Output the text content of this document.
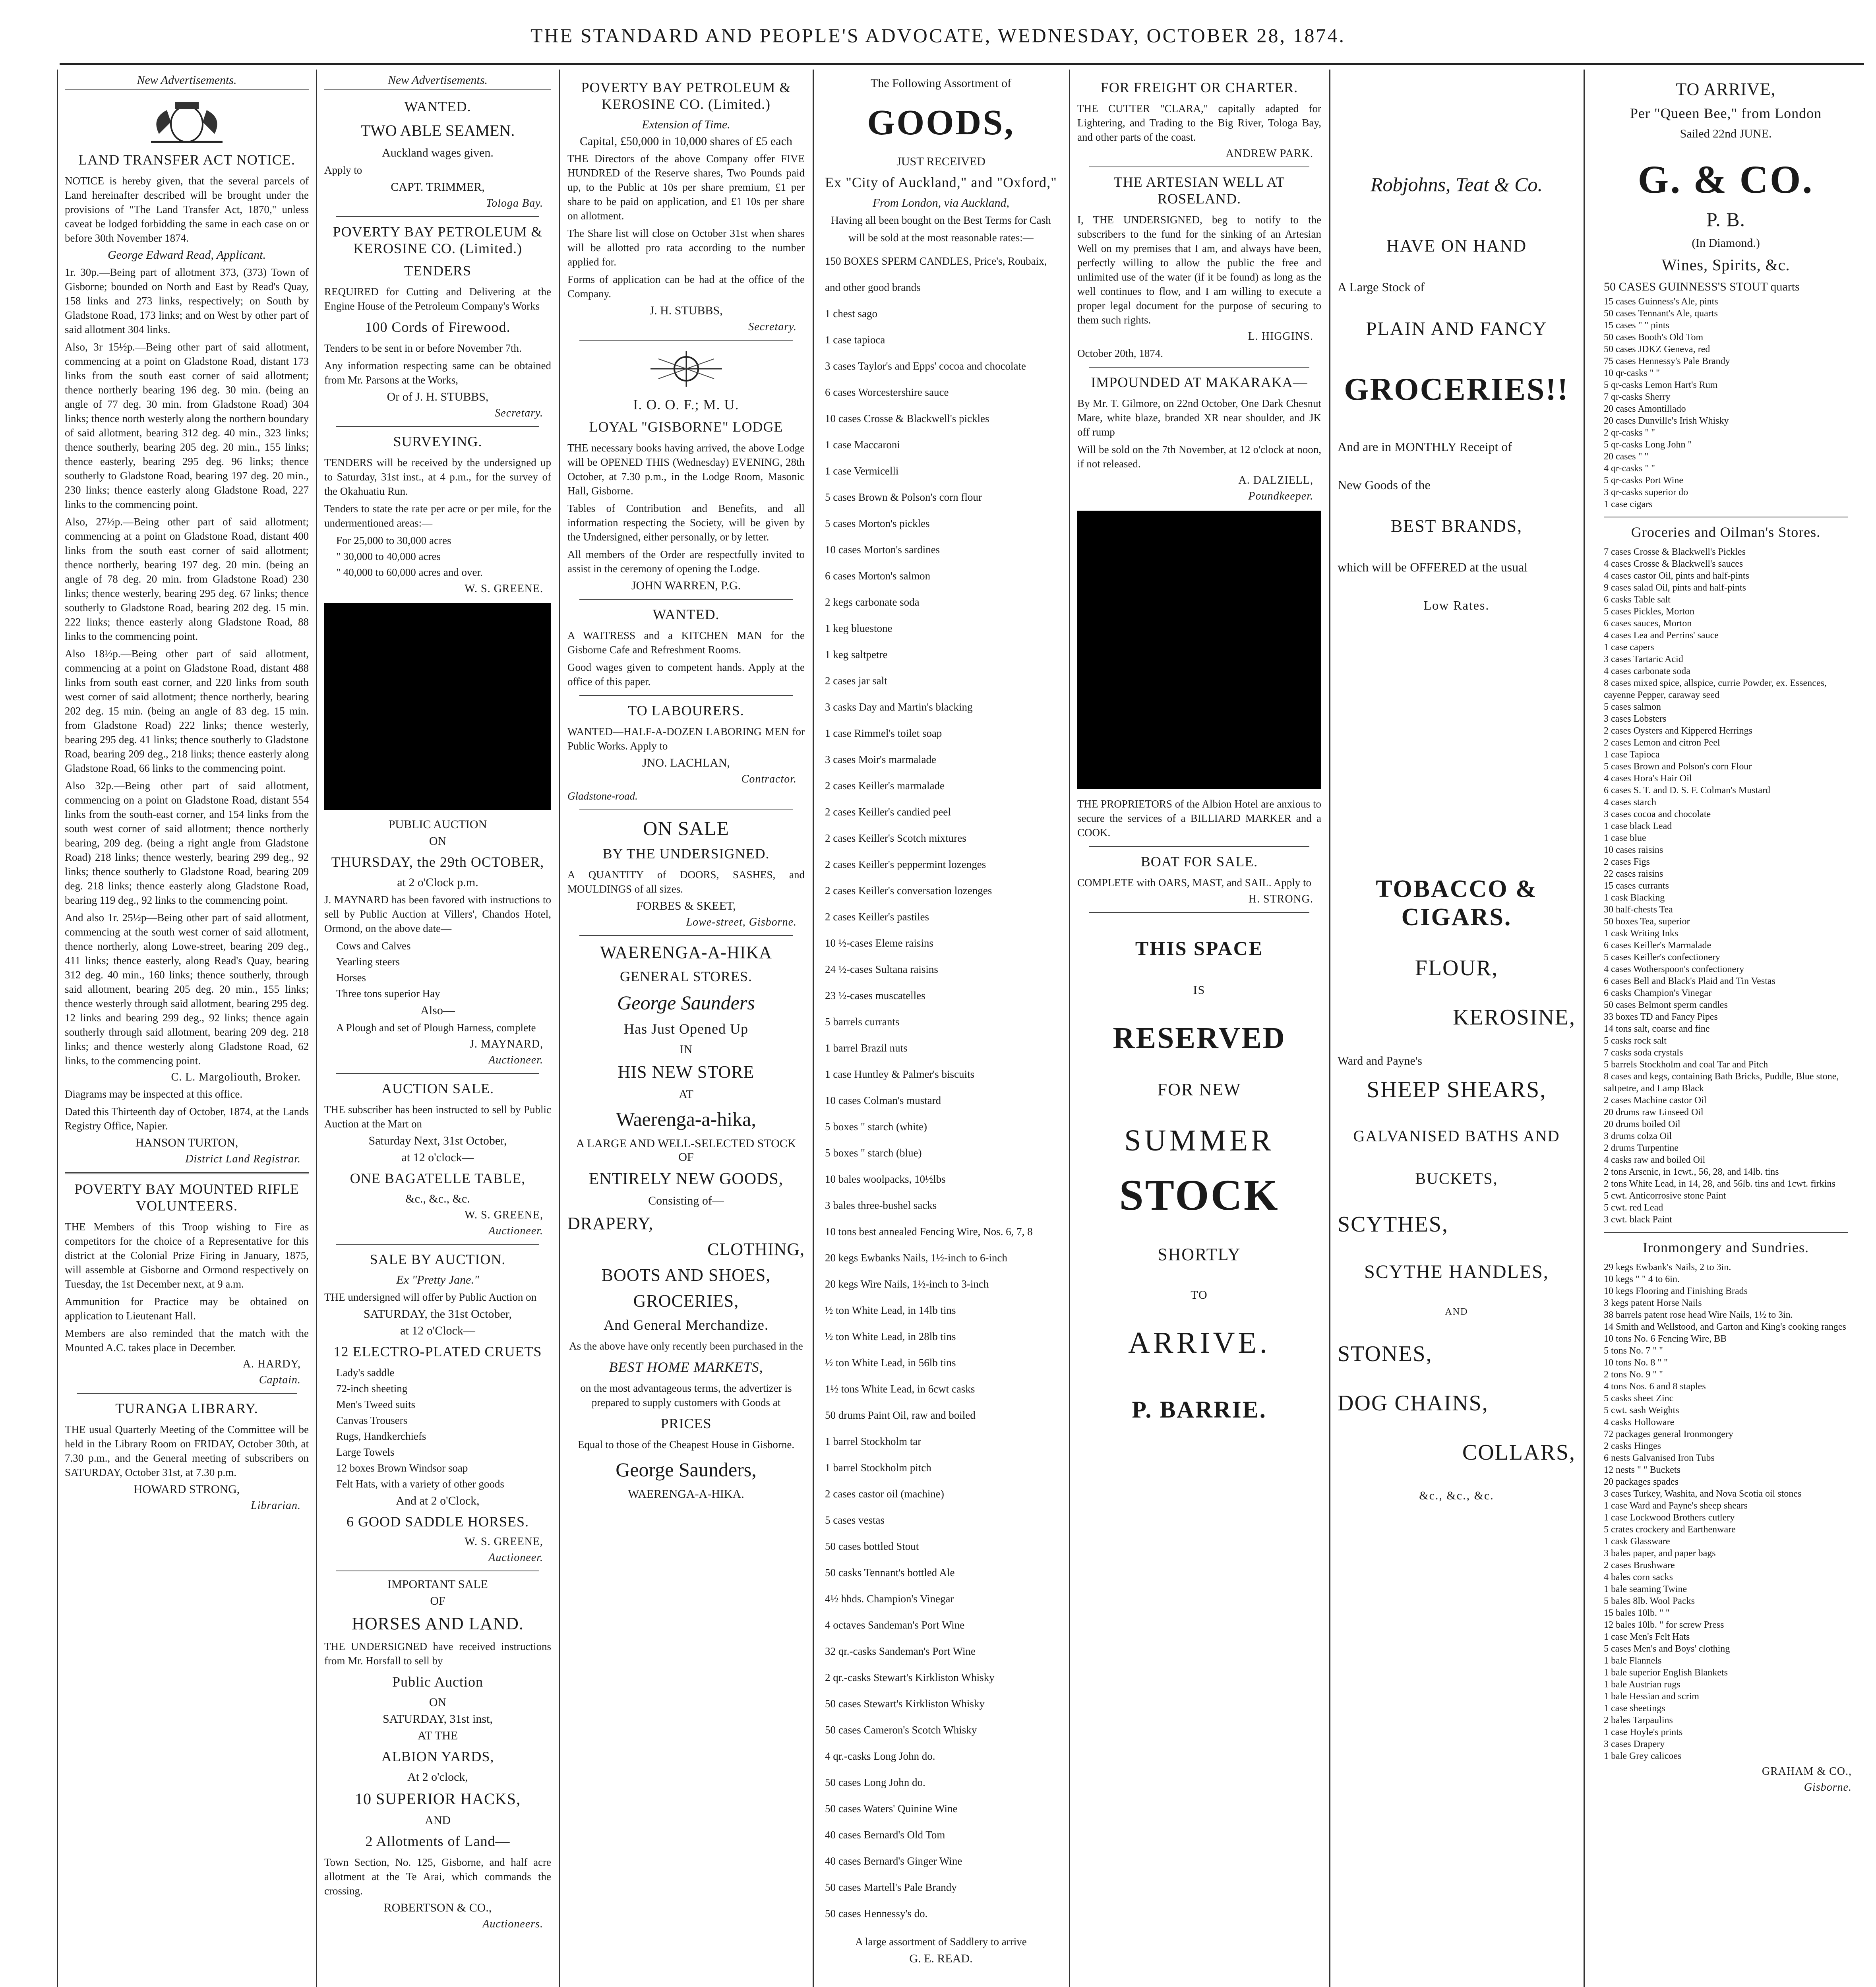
THE STANDARD AND PEOPLE'S ADVOCATE, WEDNESDAY, OCTOBER 28, 1874.
New Advertisements.
LAND TRANSFER ACT NOTICE.
NOTICE is hereby given, that the several parcels of Land hereinafter described will be brought under the provisions of "The Land Transfer Act, 1870," unless caveat be lodged forbidding the same in each case on or before 30th November 1874.
George Edward Read, Applicant.
1r. 30p.—Being part of allotment 373, (373) Town of Gisborne; bounded on North and East by Read's Quay, 158 links and 273 links, respectively; on South by Gladstone Road, 173 links; and on West by other part of said allotment 304 links.
Also, 3r 15½p.—Being other part of said allotment, commencing at a point on Gladstone Road, distant 173 links from the south east corner of said allotment; thence northerly bearing 196 deg. 30 min. (being an angle of 77 deg. 30 min. from Gladstone Road) 304 links; thence north westerly along the northern boundary of said allotment, bearing 312 deg. 40 min., 323 links; thence southerly, bearing 205 deg. 20 min., 155 links; thence easterly, bearing 295 deg. 96 links; thence southerly to Gladstone Road, bearing 197 deg. 20 min., 230 links; thence easterly along Gladstone Road, 227 links to the commencing point.
Also, 27½p.—Being other part of said allotment; commencing at a point on Gladstone Road, distant 400 links from the south east corner of said allotment; thence northerly, bearing 197 deg. 20 min. (being an angle of 78 deg. 20 min. from Gladstone Road) 230 links; thence westerly, bearing 295 deg. 67 links; thence southerly to Gladstone Road, bearing 202 deg. 15 min. 222 links; thence easterly along Gladstone Road, 88 links to the commencing point.
Also 18½p.—Being other part of said allotment, commencing at a point on Gladstone Road, distant 488 links from south east corner, and 220 links from south west corner of said allotment; thence northerly, bearing 202 deg. 15 min. (being an angle of 83 deg. 15 min. from Gladstone Road) 222 links; thence westerly, bearing 295 deg. 41 links; thence southerly to Gladstone Road, bearing 209 deg., 218 links; thence easterly along Gladstone Road, 66 links to the commencing point.
Also 32p.—Being other part of said allotment, commencing on a point on Gladstone Road, distant 554 links from the south-east corner, and 154 links from the south west corner of said allotment; thence northerly bearing, 209 deg. (being a right angle from Gladstone Road) 218 links; thence westerly, bearing 299 deg., 92 links; thence southerly to Gladstone Road, bearing 209 deg. 218 links; thence easterly along Gladstone Road, bearing 119 deg., 92 links to the commencing point.
And also 1r. 25½p—Being other part of said allotment, commencing at the south west corner of said allotment, thence northerly, along Lowe-street, bearing 209 deg., 411 links; thence easterly, along Read's Quay, bearing 312 deg. 40 min., 160 links; thence southerly, through said allotment, bearing 205 deg. 20 min., 155 links; thence westerly through said allotment, bearing 295 deg. 12 links and bearing 299 deg., 92 links; thence again southerly through said allotment, bearing 209 deg. 218 links; and thence westerly along Gladstone Road, 62 links, to the commencing point.
C. L. Margoliouth, Broker.
Diagrams may be inspected at this office.
Dated this Thirteenth day of October, 1874, at the Lands Registry Office, Napier.
HANSON TURTON,
District Land Registrar.
POVERTY BAY MOUNTED RIFLE VOLUNTEERS.
THE Members of this Troop wishing to Fire as competitors for the choice of a Representative for this district at the Colonial Prize Firing in January, 1875, will assemble at Gisborne and Ormond respectively on Tuesday, the 1st December next, at 9 a.m.
Ammunition for Practice may be obtained on application to Lieutenant Hall.
Members are also reminded that the match with the Mounted A.C. takes place in December.
A. HARDY,
Captain.
TURANGA LIBRARY.
THE usual Quarterly Meeting of the Committee will be held in the Library Room on FRIDAY, October 30th, at 7.30 p.m., and the General meeting of subscribers on SATURDAY, October 31st, at 7.30 p.m.
HOWARD STRONG,
Librarian.
New Advertisements.
WANTED.
TWO ABLE SEAMEN.
Auckland wages given.
Apply to
CAPT. TRIMMER,
Tologa Bay.
POVERTY BAY PETROLEUM & KEROSINE CO. (Limited.)
TENDERS
REQUIRED for Cutting and Delivering at the Engine House of the Petroleum Company's Works
100 Cords of Firewood.
Tenders to be sent in or before November 7th.
Any information respecting same can be obtained from Mr. Parsons at the Works,
Or of J. H. STUBBS,
Secretary.
SURVEYING.
TENDERS will be received by the undersigned up to Saturday, 31st inst., at 4 p.m., for the survey of the Okahuatiu Run.
Tenders to state the rate per acre or per mile, for the undermentioned areas:—
For 25,000 to 30,000 acres
" 30,000 to 40,000 acres
" 40,000 to 60,000 acres and over.
W. S. GREENE.
PUBLIC AUCTION
ON
THURSDAY, the 29th OCTOBER,
at 2 o'Clock p.m.
J. MAYNARD has been favored with instructions to sell by Public Auction at Villers', Chandos Hotel, Ormond, on the above date—
Cows and Calves
Yearling steers
Horses
Three tons superior Hay
Also—
A Plough and set of Plough Harness, complete
J. MAYNARD,
Auctioneer.
AUCTION SALE.
THE subscriber has been instructed to sell by Public Auction at the Mart on
Saturday Next, 31st October,
at 12 o'clock—
ONE BAGATELLE TABLE,
&c., &c., &c.
W. S. GREENE,
Auctioneer.
SALE BY AUCTION.
Ex "Pretty Jane."
THE undersigned will offer by Public Auction on
SATURDAY, the 31st October,
at 12 o'Clock—
12 ELECTRO-PLATED CRUETS
Lady's saddle
72-inch sheeting
Men's Tweed suits
Canvas Trousers
Rugs, Handkerchiefs
Large Towels
12 boxes Brown Windsor soap
Felt Hats, with a variety of other goods
And at 2 o'Clock,
6 GOOD SADDLE HORSES.
W. S. GREENE,
Auctioneer.
IMPORTANT SALE
OF
HORSES AND LAND.
THE UNDERSIGNED have received instructions from Mr. Horsfall to sell by
Public Auction
ON
SATURDAY, 31st inst,
AT THE
ALBION YARDS,
At 2 o'clock,
10 SUPERIOR HACKS,
AND
2 Allotments of Land—
Town Section, No. 125, Gisborne, and half acre allotment at the Te Arai, which commands the crossing.
ROBERTSON & CO.,
Auctioneers.
POVERTY BAY PETROLEUM & KEROSINE CO. (Limited.)
Extension of Time.
Capital, £50,000 in 10,000 shares of £5 each
THE Directors of the above Company offer FIVE HUNDRED of the Reserve shares, Two Pounds paid up, to the Public at 10s per share premium, £1 per share to be paid on application, and £1 10s per share on allotment.
The Share list will close on October 31st when shares will be allotted pro rata according to the number applied for.
Forms of application can be had at the office of the Company.
J. H. STUBBS,
Secretary.
I. O. O. F.; M. U.
LOYAL "GISBORNE" LODGE
THE necessary books having arrived, the above Lodge will be OPENED THIS (Wednesday) EVENING, 28th October, at 7.30 p.m., in the Lodge Room, Masonic Hall, Gisborne.
Tables of Contribution and Benefits, and all information respecting the Society, will be given by the Undersigned, either personally, or by letter.
All members of the Order are respectfully invited to assist in the ceremony of opening the Lodge.
JOHN WARREN, P.G.
WANTED.
A WAITRESS and a KITCHEN MAN for the Gisborne Cafe and Refreshment Rooms.
Good wages given to competent hands. Apply at the office of this paper.
TO LABOURERS.
WANTED—HALF-A-DOZEN LABORING MEN for Public Works. Apply to
JNO. LACHLAN,
Contractor.
Gladstone-road.
ON SALE
BY THE UNDERSIGNED.
A QUANTITY of DOORS, SASHES, and MOULDINGS of all sizes.
FORBES & SKEET,
Lowe-street, Gisborne.
WAERENGA-A-HIKA
GENERAL STORES.
George Saunders
Has Just Opened Up
IN
HIS NEW STORE
AT
Waerenga-a-hika,
A LARGE AND WELL-SELECTED STOCK OF
ENTIRELY NEW GOODS,
Consisting of—
DRAPERY,
CLOTHING,
BOOTS AND SHOES,
GROCERIES,
And General Merchandize.
As the above have only recently been purchased in the
BEST HOME MARKETS,
on the most advantageous terms, the advertizer is prepared to supply customers with Goods at
PRICES
Equal to those of the Cheapest House in Gisborne.
George Saunders,
WAERENGA-A-HIKA.
The Following Assortment of
GOODS,
JUST RECEIVED
Ex "City of Auckland," and "Oxford,"
From London, via Auckland,
Having all been bought on the Best Terms for Cash
will be sold at the most reasonable rates:—
150 BOXES SPERM CANDLES, Price's, Roubaix, and other good brands
1 chest sago
1 case tapioca
3 cases Taylor's and Epps' cocoa and chocolate
6 cases Worcestershire sauce
10 cases Crosse & Blackwell's pickles
1 case Maccaroni
1 case Vermicelli
5 cases Brown & Polson's corn flour
5 cases Morton's pickles
10 cases Morton's sardines
6 cases Morton's salmon
2 kegs carbonate soda
1 keg bluestone
1 keg saltpetre
2 cases jar salt
3 casks Day and Martin's blacking
1 case Rimmel's toilet soap
3 cases Moir's marmalade
2 cases Keiller's marmalade
2 cases Keiller's candied peel
2 cases Keiller's Scotch mixtures
2 cases Keiller's peppermint lozenges
2 cases Keiller's conversation lozenges
2 cases Keiller's pastiles
10 ½-cases Eleme raisins
24 ½-cases Sultana raisins
23 ½-cases muscatelles
5 barrels currants
1 barrel Brazil nuts
1 case Huntley & Palmer's biscuits
10 cases Colman's mustard
5 boxes " starch (white)
5 boxes " starch (blue)
10 bales woolpacks, 10½lbs
3 bales three-bushel sacks
10 tons best annealed Fencing Wire, Nos. 6, 7, 8
20 kegs Ewbanks Nails, 1½-inch to 6-inch
20 kegs Wire Nails, 1½-inch to 3-inch
½ ton White Lead, in 14lb tins
½ ton White Lead, in 28lb tins
½ ton White Lead, in 56lb tins
1½ tons White Lead, in 6cwt casks
50 drums Paint Oil, raw and boiled
1 barrel Stockholm tar
1 barrel Stockholm pitch
2 cases castor oil (machine)
5 cases vestas
50 cases bottled Stout
50 casks Tennant's bottled Ale
4½ hhds. Champion's Vinegar
4 octaves Sandeman's Port Wine
32 qr.-casks Sandeman's Port Wine
2 qr.-casks Stewart's Kirkliston Whisky
50 cases Stewart's Kirkliston Whisky
50 cases Cameron's Scotch Whisky
4 qr.-casks Long John do.
50 cases Long John do.
50 cases Waters' Quinine Wine
40 cases Bernard's Old Tom
40 cases Bernard's Ginger Wine
50 cases Martell's Pale Brandy
50 cases Hennessy's do.
A large assortment of Saddlery to arrive
G. E. READ.
FOR FREIGHT OR CHARTER.
THE CUTTER "CLARA," capitally adapted for Lightering, and Trading to the Big River, Tologa Bay, and other parts of the coast.
ANDREW PARK.
THE ARTESIAN WELL AT ROSELAND.
I, THE UNDERSIGNED, beg to notify to the subscribers to the fund for the sinking of an Artesian Well on my premises that I am, and always have been, perfectly willing to allow the public the free and unlimited use of the water (if it be found) as long as the well continues to flow, and I am willing to execute a proper legal document for the purpose of securing to them such rights.
L. HIGGINS.
October 20th, 1874.
IMPOUNDED AT MAKARAKA—
By Mr. T. Gilmore, on 22nd October, One Dark Chesnut Mare, white blaze, branded XR near shoulder, and JK off rump
Will be sold on the 7th November, at 12 o'clock at noon, if not released.
A. DALZIELL,
Poundkeeper.
THE PROPRIETORS of the Albion Hotel are anxious to secure the services of a BILLIARD MARKER and a COOK.
BOAT FOR SALE.
COMPLETE with OARS, MAST, and SAIL. Apply to
H. STRONG.
THIS SPACE
IS
RESERVED
FOR NEW
SUMMER
STOCK
SHORTLY
TO
ARRIVE.
P. BARRIE.
Robjohns, Teat & Co.
HAVE ON HAND
A Large Stock of
PLAIN AND FANCY
GROCERIES!!
And are in MONTHLY Receipt of
New Goods of the
BEST BRANDS,
which will be OFFERED at the usual
Low Rates.
TOBACCO & CIGARS.
FLOUR,
KEROSINE,
Ward and Payne's
SHEEP SHEARS,
GALVANISED BATHS AND
BUCKETS,
SCYTHES,
SCYTHE HANDLES,
AND
STONES,
DOG CHAINS,
COLLARS,
&c., &c., &c.
TO ARRIVE,
Per "Queen Bee," from London
Sailed 22nd JUNE.
G. & CO.
P. B.
(In Diamond.)
Wines, Spirits, &c.
50 CASES GUINNESS'S STOUT quarts
15 cases Guinness's Ale, pints
50 cases Tennant's Ale, quarts
15 cases " " pints
50 cases Booth's Old Tom
50 cases JDKZ Geneva, red
75 cases Hennessy's Pale Brandy
10 qr-casks " "
5 qr-casks Lemon Hart's Rum
7 qr-casks Sherry
20 cases Amontillado
20 cases Dunville's Irish Whisky
2 qr-casks " "
5 qr-casks Long John "
20 cases " "
4 qr-casks " "
5 qr-casks Port Wine
3 qr-casks superior do
1 case cigars
Groceries and Oilman's Stores.
7 cases Crosse & Blackwell's Pickles
4 cases Crosse & Blackwell's sauces
4 cases castor Oil, pints and half-pints
9 cases salad Oil, pints and half-pints
6 casks Table salt
5 cases Pickles, Morton
6 cases sauces, Morton
4 cases Lea and Perrins' sauce
1 case capers
3 cases Tartaric Acid
4 cases carbonate soda
8 cases mixed spice, allspice, currie Powder, ex. Essences, cayenne Pepper, caraway seed
5 cases salmon
3 cases Lobsters
2 cases Oysters and Kippered Herrings
2 cases Lemon and citron Peel
1 case Tapioca
5 cases Brown and Polson's corn Flour
4 cases Hora's Hair Oil
6 cases S. T. and D. S. F. Colman's Mustard
4 cases starch
3 cases cocoa and chocolate
1 case black Lead
1 case blue
10 cases raisins
2 cases Figs
22 cases raisins
15 cases currants
1 cask Blacking
30 half-chests Tea
50 boxes Tea, superior
1 cask Writing Inks
6 cases Keiller's Marmalade
5 cases Keiller's confectionery
4 cases Wotherspoon's confectionery
6 cases Bell and Black's Plaid and Tin Vestas
6 casks Champion's Vinegar
50 cases Belmont sperm candles
33 boxes TD and Fancy Pipes
14 tons salt, coarse and fine
5 casks rock salt
7 casks soda crystals
5 barrels Stockholm and coal Tar and Pitch
8 cases and kegs, containing Bath Bricks, Puddle, Blue stone, saltpetre, and Lamp Black
2 cases Machine castor Oil
20 drums raw Linseed Oil
20 drums boiled Oil
3 drums colza Oil
2 drums Turpentine
4 casks raw and boiled Oil
2 tons Arsenic, in 1cwt., 56, 28, and 14lb. tins
2 tons White Lead, in 14, 28, and 56lb. tins and 1cwt. firkins
5 cwt. Anticorrosive stone Paint
5 cwt. red Lead
3 cwt. black Paint
Ironmongery and Sundries.
29 kegs Ewbank's Nails, 2 to 3in.
10 kegs " " 4 to 6in.
10 kegs Flooring and Finishing Brads
3 kegs patent Horse Nails
38 barrels patent rose head Wire Nails, 1½ to 3in.
14 Smith and Wellstood, and Garton and King's cooking ranges
10 tons No. 6 Fencing Wire, BB
5 tons No. 7 " "
10 tons No. 8 " "
2 tons No. 9 " "
4 tons Nos. 6 and 8 staples
5 casks sheet Zinc
5 cwt. sash Weights
4 casks Holloware
72 packages general Ironmongery
2 casks Hinges
6 nests Galvanised Iron Tubs
12 nests " " Buckets
20 packages spades
3 cases Turkey, Washita, and Nova Scotia oil stones
1 case Ward and Payne's sheep shears
1 case Lockwood Brothers cutlery
5 crates crockery and Earthenware
1 cask Glassware
3 bales paper, and paper bags
2 cases Brushware
4 bales corn sacks
1 bale seaming Twine
5 bales 8lb. Wool Packs
15 bales 10lb. " "
12 bales 10lb. " for screw Press
1 case Men's Felt Hats
5 cases Men's and Boys' clothing
1 bale Flannels
1 bale superior English Blankets
1 bale Austrian rugs
1 bale Hessian and scrim
1 case sheetings
2 bales Tarpaulins
1 case Hoyle's prints
3 cases Drapery
1 bale Grey calicoes
GRAHAM & CO.,
Gisborne.
